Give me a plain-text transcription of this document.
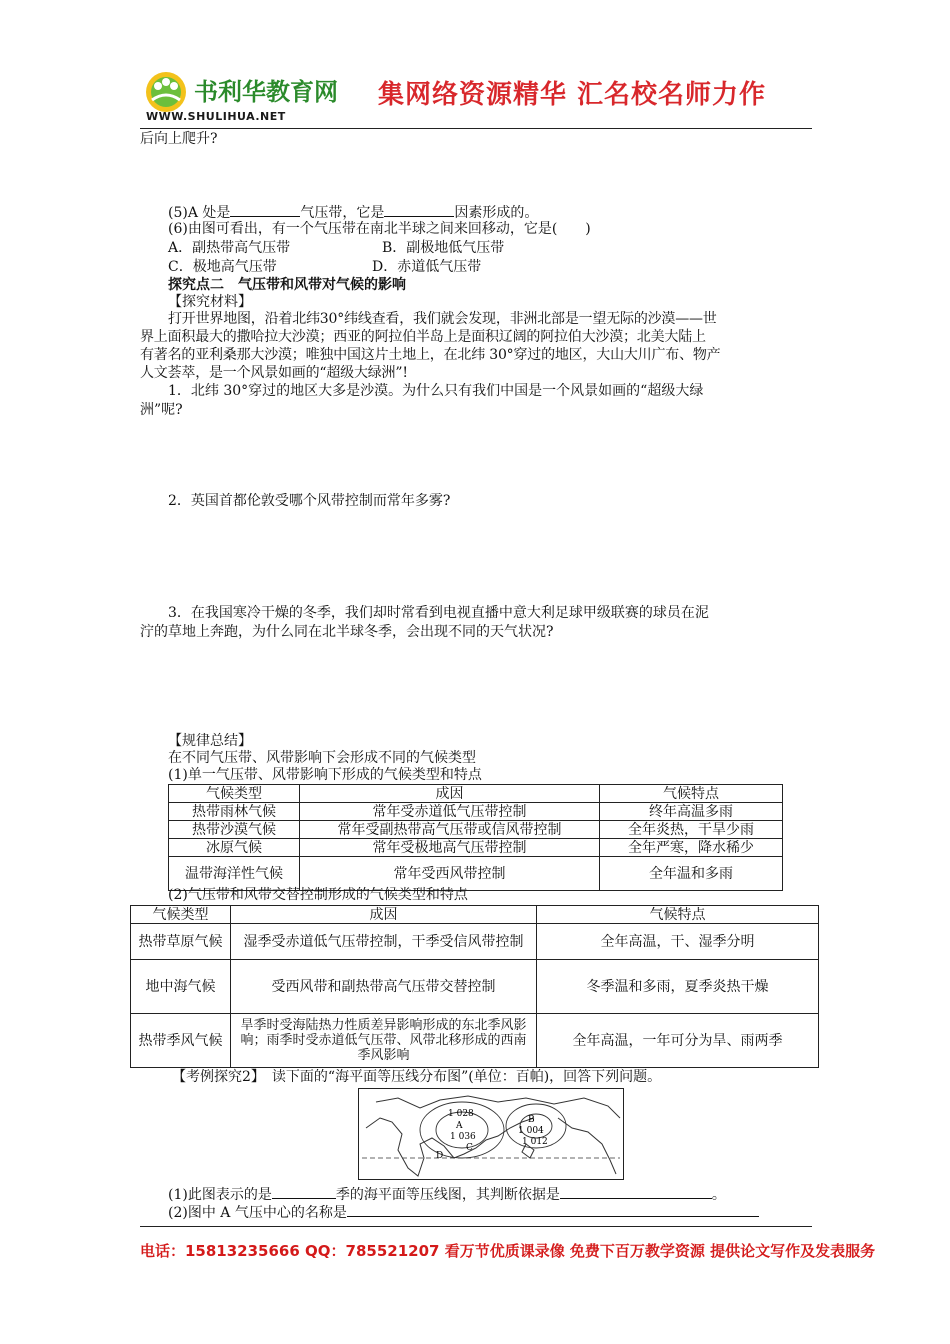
书利华教育网
WWW.SHULIHUA.NET
集网络资源精华 汇名校名师力作
后向上爬升?
(5)A 处是	气压带，它是	因素形成的。
(6)由图可看出，有一个气压带在南北半球之间来回移动，它是(　　)
A．副热带高气压带	B．副极地低气压带
C．极地高气压带	D．赤道低气压带
探究点二　气压带和风带对气候的影响
【探究材料】
打开世界地图，沿着北纬30°纬线查看，我们就会发现，非洲北部是一望无际的沙漠——世
界上面积最大的撒哈拉大沙漠；西亚的阿拉伯半岛上是面积辽阔的阿拉伯大沙漠；北美大陆上
有著名的亚利桑那大沙漠；唯独中国这片土地上，在北纬 30°穿过的地区，大山大川广布、物产
人文荟萃，是一个风景如画的“超级大绿洲”!
1．北纬 30°穿过的地区大多是沙漠。为什么只有我们中国是一个风景如画的“超级大绿
洲”呢?
2．英国首都伦敦受哪个风带控制而常年多雾?
3．在我国寒冷干燥的冬季，我们却时常看到电视直播中意大利足球甲级联赛的球员在泥
泞的草地上奔跑，为什么同在北半球冬季，会出现不同的天气状况?
【规律总结】
在不同气压带、风带影响下会形成不同的气候类型
(1)单一气压带、风带影响下形成的气候类型和特点
气候类型	成因	气候特点
热带雨林气候	常年受赤道低气压带控制	终年高温多雨
热带沙漠气候	常年受副热带高气压带或信风带控制	全年炎热，干旱少雨
冰原气候	常年受极地高气压带控制	全年严寒，降水稀少
温带海洋性气候	常年受西风带控制	全年温和多雨
(2)气压带和风带交替控制形成的气候类型和特点
气候类型	成因	气候特点
热带草原气候	湿季受赤道低气压带控制，干季受信风带控制	全年高温，干、湿季分明
地中海气候	受西风带和副热带高气压带交替控制	冬季温和多雨，夏季炎热干燥
热带季风气候	旱季时受海陆热力性质差异影响形成的东北季风影响；雨季时受赤道低气压带、风带北移形成的西南季风影响	全年高温，一年可分为旱、雨两季
【考例探究2】　 读下面的“海平面等压线分布图”(单位：百帕)，回答下列问题。
1 028
A
1 036
B
1 004
1 012
C
D
(1)此图表示的是	季的海平面等压线图，其判断依据是	。
(2)图中 A 气压中心的名称是
电话：15813235666 QQ：785521207 看万节优质课录像 免费下百万教学资源 提供论文写作及发表服务
